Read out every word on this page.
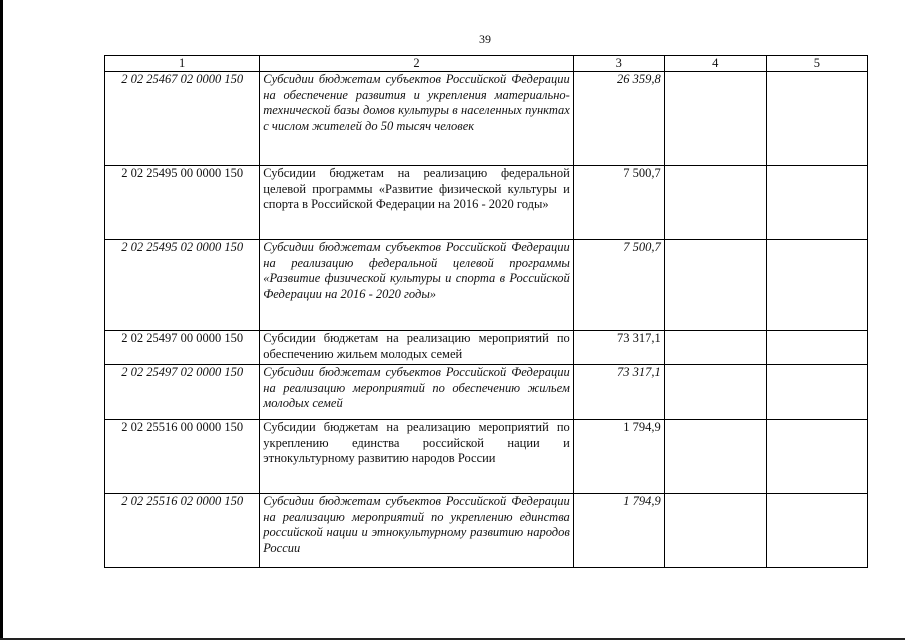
39
1	2	3	4	5
2 02 25467 02 0000 150	Субсидии бюджетам субъектов Российской Федерации на обеспечение развития и укрепления материально-технической базы домов культуры в населенных пунктах с числом жителей до 50 тысяч человек	26 359,8		
2 02 25495 00 0000 150	Субсидии бюджетам на реализацию федеральной целевой программы «Развитие физической культуры и спорта в Российской Федерации на 2016 - 2020 годы»	7 500,7		
2 02 25495 02 0000 150	Субсидии бюджетам субъектов Российской Федерации на реализацию федеральной целевой программы «Развитие физической культуры и спорта в Российской Федерации на 2016 - 2020 годы»	7 500,7		
2 02 25497 00 0000 150	Субсидии бюджетам на реализацию мероприятий по обеспечению жильем молодых семей	73 317,1		
2 02 25497 02 0000 150	Субсидии бюджетам субъектов Российской Федерации на реализацию мероприятий по обеспечению жильем молодых семей	73 317,1		
2 02 25516 00 0000 150	Субсидии бюджетам на реализацию мероприятий по укреплению единства российской нации и этнокультурному развитию народов России	1 794,9		
2 02 25516 02 0000 150	Субсидии бюджетам субъектов Российской Федерации на реализацию мероприятий по укреплению единства российской нации и этнокультурному развитию народов России	1 794,9		
